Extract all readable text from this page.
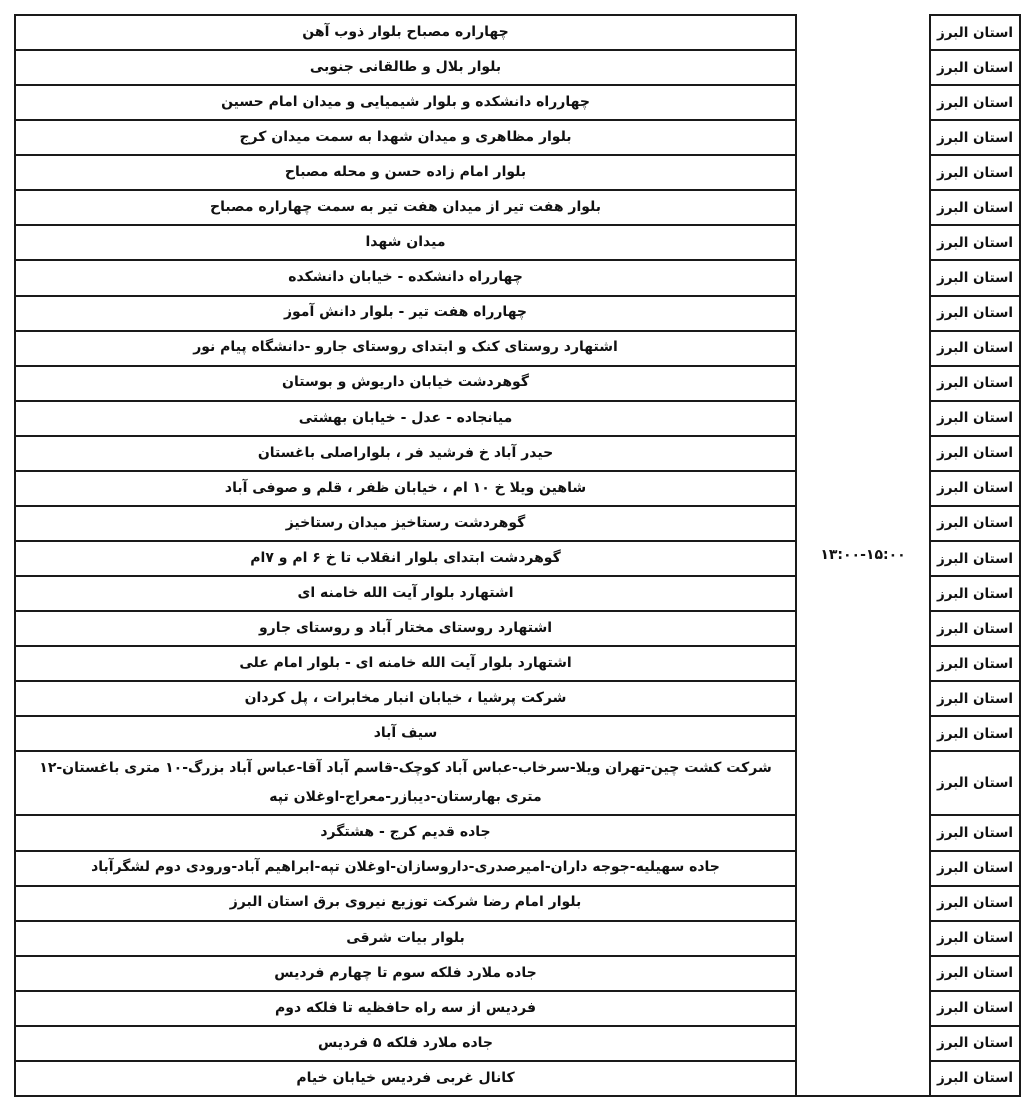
۱۳:۰۰-۱۵:۰۰
استان البرز
چهاراره مصباح بلوار ذوب آهن
استان البرز
بلوار بلال و طالقانی جنوبی
استان البرز
چهارراه دانشکده و بلوار شیمیایی و میدان امام حسین
استان البرز
بلوار مظاهری و میدان شهدا به سمت میدان کرج
استان البرز
بلوار امام زاده حسن و محله مصباح
استان البرز
بلوار هفت تیر از میدان هفت تیر به سمت چهاراره مصباح
استان البرز
میدان شهدا
استان البرز
چهارراه دانشکده - خیابان دانشکده
استان البرز
چهارراه هفت تیر - بلوار دانش آموز
استان البرز
اشتهارد روستای کنک و ابتدای روستای جارو -دانشگاه پیام نور
استان البرز
گوهردشت خیابان داریوش و بوستان
استان البرز
میانجاده - عدل - خیابان بهشتی
استان البرز
حیدر آباد خ فرشید فر ، بلواراصلی باغستان
استان البرز
شاهین ویلا خ ۱۰ ام ، خیابان ظفر ، قلم و صوفی آباد
استان البرز
گوهردشت رستاخیز میدان رستاخیز
استان البرز
گوهردشت ابتدای بلوار انقلاب تا خ ۶ ام و ۷ام
استان البرز
اشتهارد بلوار آیت الله خامنه ای
استان البرز
اشتهارد روستای مختار آباد و روستای جارو
استان البرز
اشتهارد بلوار آیت الله خامنه ای - بلوار امام علی
استان البرز
شرکت پرشیا ، خیابان انبار مخابرات ، پل کردان
استان البرز
سیف آباد
استان البرز
شرکت کشت چین-تهران ویلا-سرخاب-عباس آباد کوچک-قاسم آباد آقا-عباس آباد بزرگ-۱۰ متری باغستان-۱۲ متری بهارستان-دیبازر-معراج-اوغلان تپه
استان البرز
جاده قدیم کرج - هشتگرد
استان البرز
جاده سهیلیه-جوجه داران-امیرصدری-داروسازان-اوغلان تپه-ابراهیم آباد-ورودی دوم لشگرآباد
استان البرز
بلوار امام رضا شرکت توزیع نیروی برق استان البرز
استان البرز
بلوار بیات شرقی
استان البرز
جاده ملارد فلکه سوم تا چهارم فردیس
استان البرز
فردیس از سه راه حافظیه تا فلکه دوم
استان البرز
جاده ملارد فلکه ۵ فردیس
استان البرز
کانال غربی فردیس خیابان خیام
